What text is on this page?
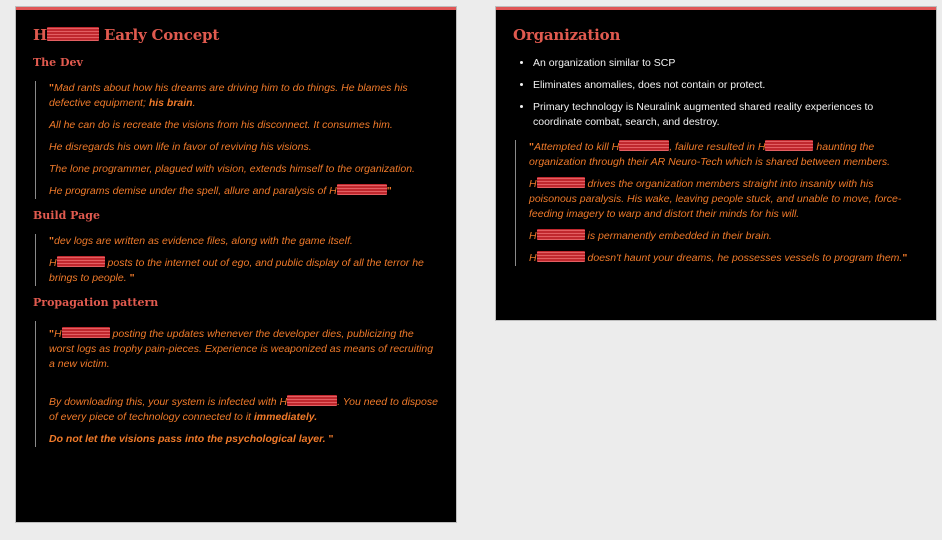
H	Early Concept
The Dev

"Mad rants about how his dreams are driving him to do things. He blames his defective equipment; his brain.

All he can do is recreate the visions from his disconnect. It consumes him.

He disregards his own life in favor of reviving his visions.

The lone programmer, plagued with vision, extends himself to the organization.

He programs demise under the spell, allure and paralysis of H	"

Build Page

"dev logs are written as evidence files, along with the game itself.

H	posts to the internet out of ego, and public display of all the terror he brings to people. "

Propagation pattern

"H	posting the updates whenever the developer dies, publicizing the worst logs as trophy pain-pieces. Experience is weaponized as means of recruiting a new victim.

By downloading this, your system is infected with H	. You need to dispose of every piece of technology connected to it immediately.

Do not let the visions pass into the psychological layer. "

Organization
• An organization similar to SCP
• Eliminates anomalies, does not contain or protect.
• Primary technology is Neuralink augmented shared reality experiences to coordinate combat, search, and destroy.

"Attempted to kill H	, failure resulted in H	haunting the organization through their AR Neuro-Tech which is shared between members.

H	drives the organization members straight into insanity with his poisonous paralysis. His wake, leaving people stuck, and unable to move, force-feeding imagery to warp and distort their minds for his will.

H	is permanently embedded in their brain.

H	doesn't haunt your dreams, he possesses vessels to program them."
